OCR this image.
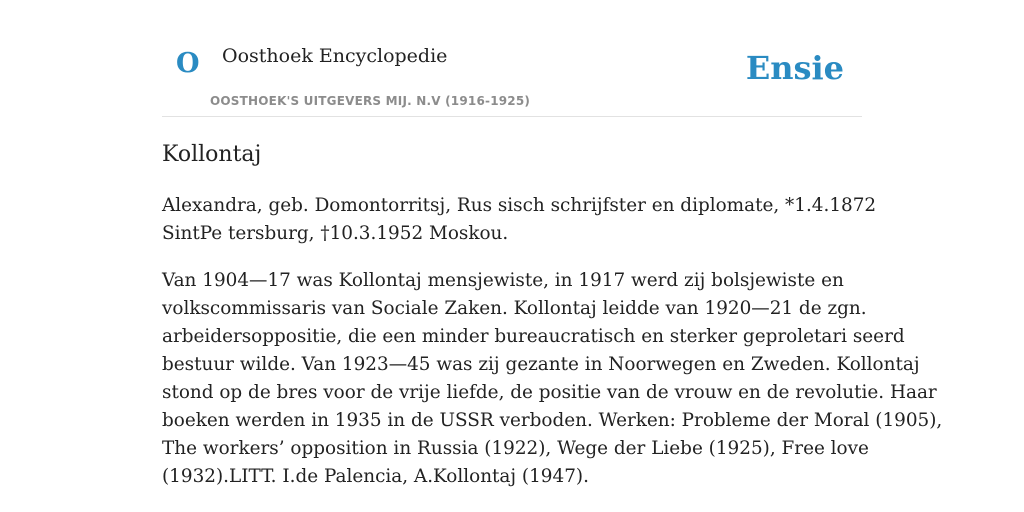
O Oosthoek Encyclopedie
OOSTHOEK'S UITGEVERS MIJ. N.V (1916-1925)
Ensie
Kollontaj
Alexandra, geb. Domontorritsj, Rus sisch schrijfster en diplomate, *1.4.1872
SintPe tersburg, †​10.3.1952 Moskou.
Van 1904—17 was Kollontaj mensjewiste, in 1917 werd zij bolsjewiste en
volkscommissaris van Sociale Zaken. Kollontaj leidde van 1920—21 de zgn.
arbeidersoppositie, die een minder bureaucratisch en sterker geproletari seerd
bestuur wilde. Van 1923—45 was zij gezante in Noorwegen en Zweden. Kollontaj
stond op de bres voor de vrije liefde, de positie van de vrouw en de revolutie. Haar
boeken werden in 1935 in de USSR verboden. Werken: Probleme der Moral (1905),
The workers’ opposition in Russia (1922), Wege der Liebe (1925), Free love
(1932).LITT. I.de Palencia, A.Kollontaj (1947).
